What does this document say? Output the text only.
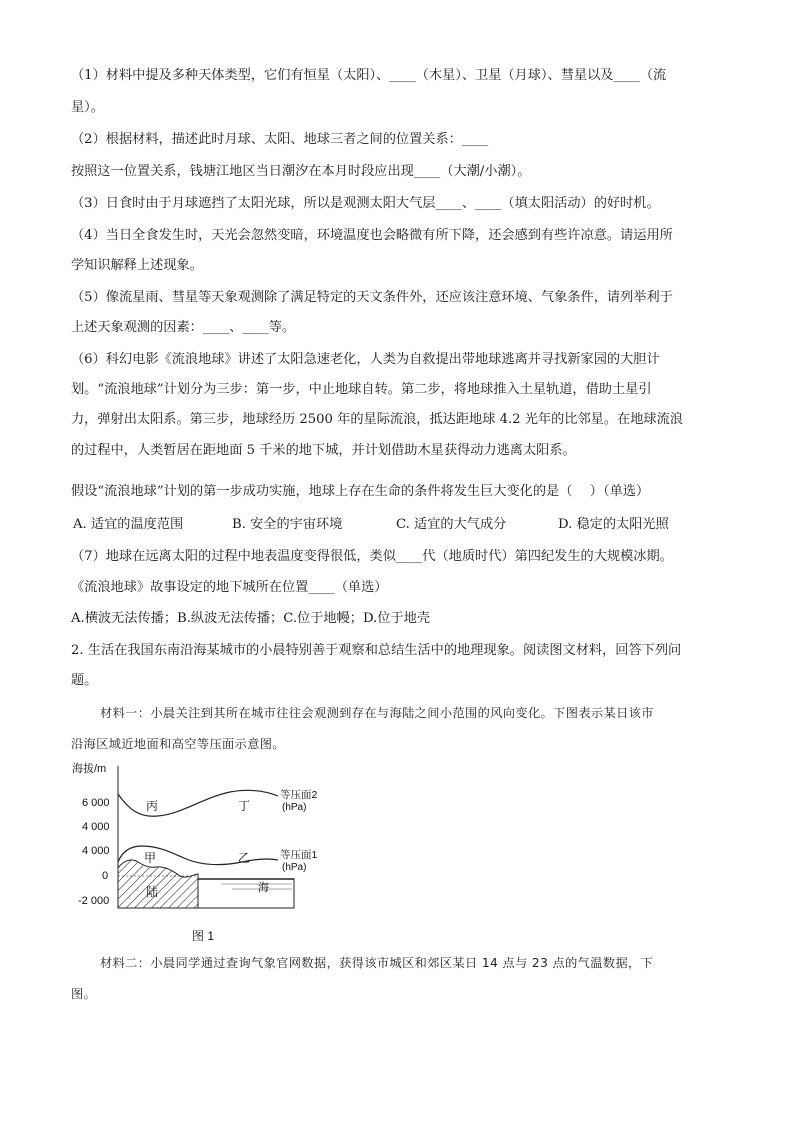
（1）材料中提及多种天体类型，它们有恒星（太阳）、____（木星）、卫星（月球）、彗星以及____（流
星）。
（2）根据材料，描述此时月球、太阳、地球三者之间的位置关系：____
按照这一位置关系，钱塘江地区当日潮汐在本月时段应出现____（大潮/小潮）。
（3）日食时由于月球遮挡了太阳光球，所以是观测太阳大气层____、____（填太阳活动）的好时机。
（4）当日全食发生时，天光会忽然变暗，环境温度也会略微有所下降，还会感到有些许凉意。请运用所
学知识解释上述现象。
（5）像流星雨、彗星等天象观测除了满足特定的天文条件外，还应该注意环境、气象条件，请列举利于
上述天象观测的因素：____、____等。
（6）科幻电影《流浪地球》讲述了太阳急速老化，人类为自救提出带地球逃离并寻找新家园的大胆计
划。“流浪地球”计划分为三步：第一步，中止地球自转。第二步，将地球推入土星轨道，借助土星引
力，弹射出太阳系。第三步，地球经历 2500 年的星际流浪，抵达距地球 4.2 光年的比邻星。在地球流浪
的过程中，人类暂居在距地面 5 千米的地下城，并计划借助木星获得动力逃离太阳系。
假设“流浪地球”计划的第一步成功实施，地球上存在生命的条件将发生巨大变化的是（　 ）（单选）
A. 适宜的温度范围	B. 安全的宇宙环境	C. 适宜的大气成分	D. 稳定的太阳光照
（7）地球在远离太阳的过程中地表温度变得很低，类似____代（地质时代）第四纪发生的大规模冰期。
《流浪地球》故事设定的地下城所在位置____（单选）
A.横波无法传播；B.纵波无法传播；C.位于地幔；D.位于地壳
2. 生活在我国东南沿海某城市的小晨特别善于观察和总结生活中的地理现象。阅读图文材料，回答下列问
题。
材料一：小晨关注到其所在城市往往会观测到存在与海陆之间小范围的风向变化。下图表示某日该市
沿海区域近地面和高空等压面示意图。
海拔/m
6 000
4 000
4 000
0
-2 000
丙	丁
甲	乙
陆	海
等压面2
(hPa)
等压面1
(hPa)
图 1
材料二：小晨同学通过查询气象官网数据，获得该市城区和郊区某日 14 点与 23 点的气温数据，下
图。
